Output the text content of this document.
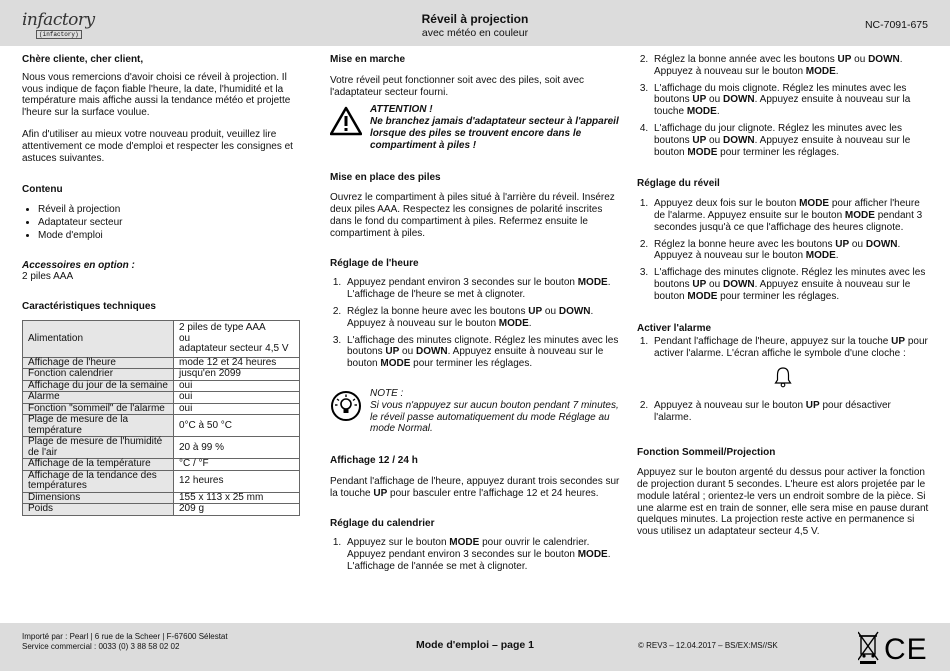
infactory
(infactory)
Réveil à projection
avec météo en couleur
NC-7091-675
Chère cliente, cher client,

Nous vous remercions d'avoir choisi ce réveil à projection. Il vous indique de façon fiable l'heure, la date, l'humidité et la température mais affiche aussi la tendance météo et projette l'heure sur la surface voulue.

Afin d'utiliser au mieux votre nouveau produit, veuillez lire attentivement ce mode d'emploi et respecter les consignes et astuces suivantes.

Contenu
• Réveil à projection
• Adaptateur secteur
• Mode d'emploi
Accessoires en option :

2 piles AAA

Caractéristiques techniques
Alimentation	2 piles de type AAA
ou
adaptateur secteur 4,5 V
Affichage de l'heure	mode 12 et 24 heures
Fonction calendrier	jusqu'en 2099
Affichage du jour de la semaine	oui
Alarme	oui
Fonction "sommeil" de l'alarme	oui
Plage de mesure de la température	0°C à 50 °C
Plage de mesure de l'humidité de l'air	20 à 99 %
Affichage de la température	°C / °F
Affichage de la tendance des températures	12 heures
Dimensions	155 x 113 x 25 mm
Poids	209 g
Mise en marche

Votre réveil peut fonctionner soit avec des piles, soit avec l'adaptateur secteur fourni.

ATTENTION !
Ne branchez jamais d'adaptateur secteur à l'appareil lorsque des piles se trouvent encore dans le compartiment à piles !
Mise en place des piles

Ouvrez le compartiment à piles situé à l'arrière du réveil. Insérez deux piles AAA. Respectez les consignes de polarité inscrites dans le fond du compartiment à piles. Refermez ensuite le compartiment à piles.

Réglage de l'heure
1. Appuyez pendant environ 3 secondes sur le bouton MODE. L'affichage de l'heure se met à clignoter.
2. Réglez la bonne heure avec les boutons UP ou DOWN. Appuyez à nouveau sur le bouton MODE.
3. L'affichage des minutes clignote. Réglez les minutes avec les boutons UP ou DOWN. Appuyez ensuite à nouveau sur le bouton MODE pour terminer les réglages.
NOTE :
Si vous n'appuyez sur aucun bouton pendant 7 minutes, le réveil passe automatiquement du mode Réglage au mode Normal.
Affichage 12 / 24 h

Pendant l'affichage de l'heure, appuyez durant trois secondes sur la touche UP pour basculer entre l'affichage 12 et 24 heures.

Réglage du calendrier
1. Appuyez sur le bouton MODE pour ouvrir le calendrier. Appuyez pendant environ 3 secondes sur le bouton MODE. L'affichage de l'année se met à clignoter.
2. Réglez la bonne année avec les boutons UP ou DOWN. Appuyez à nouveau sur le bouton MODE.
3. L'affichage du mois clignote. Réglez les minutes avec les boutons UP ou DOWN. Appuyez ensuite à nouveau sur la touche MODE.
4. L'affichage du jour clignote. Réglez les minutes avec les boutons UP ou DOWN. Appuyez ensuite à nouveau sur le bouton MODE pour terminer les réglages.
Réglage du réveil
1. Appuyez deux fois sur le bouton MODE pour afficher l'heure de l'alarme. Appuyez ensuite sur le bouton MODE pendant 3 secondes jusqu'à ce que l'affichage des heures clignote.
2. Réglez la bonne heure avec les boutons UP ou DOWN. Appuyez à nouveau sur le bouton MODE.
3. L'affichage des minutes clignote. Réglez les minutes avec les boutons UP ou DOWN. Appuyez ensuite à nouveau sur le bouton MODE pour terminer les réglages.
Activer l'alarme
1. Pendant l'affichage de l'heure, appuyez sur la touche UP pour activer l'alarme. L'écran affiche le symbole d'une cloche :
2. Appuyez à nouveau sur le bouton UP pour désactiver l'alarme.
Fonction Sommeil/Projection

Appuyez sur le bouton argenté du dessus pour activer la fonction de projection durant 5 secondes. L'heure est alors projetée par le module latéral ; orientez-le vers un endroit sombre de la pièce. Si une alarme est en train de sonner, elle sera mise en pause durant quelques minutes. La projection reste active en permanence si vous utilisez un adaptateur secteur 4,5 V.

Importé par : Pearl | 6 rue de la Scheer | F-67600 Sélestat
Service commercial : 0033 (0) 3 88 58 02 02	Mode d'emploi – page 1	© REV3 – 12.04.2017 – BS/EX:MS//SK	CE
